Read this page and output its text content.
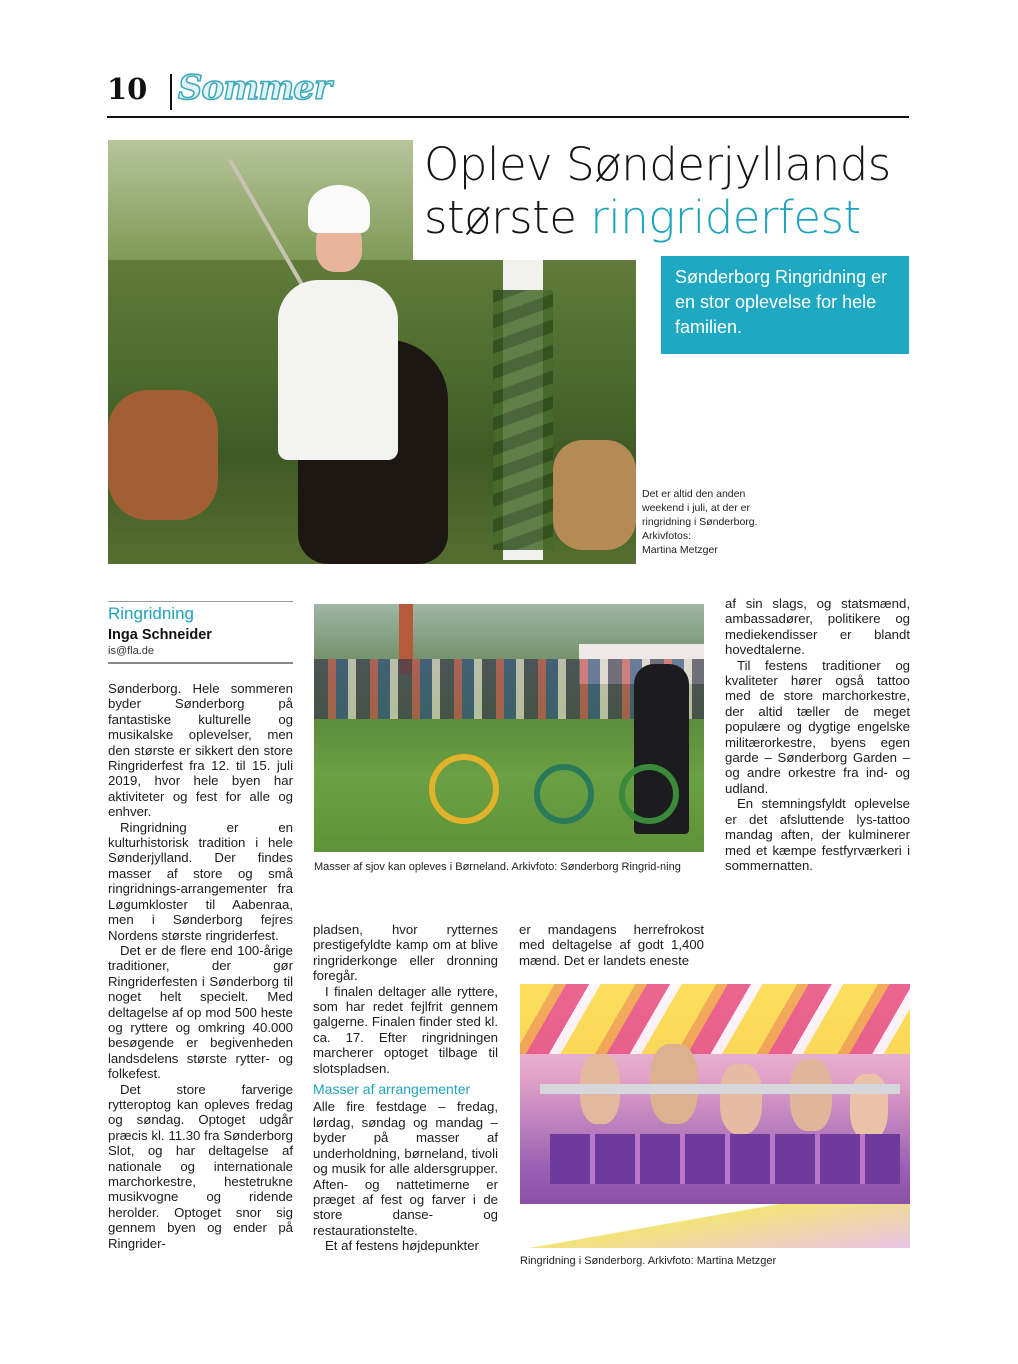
10 Sommer
Oplev Sønderjyllands
største ringriderfest
Sønderborg Ringridning er en stor oplevelse for hele familien.
Det er altid den anden
weekend i juli, at der er
ringridning i Sønderborg.
Arkivfotos:
Martina Metzger
Ringridning
Inga Schneider
is@fla.de

Sønderborg. Hele sommeren byder Sønderborg på fantastiske kulturelle og musikalske oplevelser, men den største er sikkert den store Ringriderfest fra 12. til 15. juli 2019, hvor hele byen har aktiviteter og fest for alle og enhver.

Ringridning er en kulturhistorisk tradition i hele Sønderjylland. Der findes masser af store og små ringridnings-arrangementer fra Løgumkloster til Aabenraa, men i Sønderborg fejres Nordens største ringriderfest.

Det er de flere end 100-årige traditioner, der gør Ringriderfesten i Sønderborg til noget helt specielt. Med deltagelse af op mod 500 heste og ryttere og omkring 40.000 besøgende er begivenheden landsdelens største rytter- og folkefest.

Det store farverige rytteroptog kan opleves fredag og søndag. Optoget udgår præcis kl. 11.30 fra Sønderborg Slot, og har deltagelse af nationale og internationale marchorkestre, hestetrukne musikvogne og ridende herolder. Optoget snor sig gennem byen og ender på Ringrider-

Masser af sjov kan opleves i Børneland. Arkivfoto: Sønderborg Ringrid-ning

pladsen, hvor rytternes prestigefyldte kamp om at blive ringriderkonge eller dronning foregår.

I finalen deltager alle ryttere, som har redet fejlfrit gennem galgerne. Finalen finder sted kl. ca. 17. Efter ringridningen marcherer optoget tilbage til slotspladsen.

Masser af arrangementer

Alle fire festdage – fredag, lørdag, søndag og mandag – byder på masser af underholdning, børneland, tivoli og musik for alle aldersgrupper. Aften- og nattetimerne er præget af fest og farver i de store danse- og restaurationstelte.

Et af festens højdepunkter

er mandagens herrefrokost med deltagelse af godt 1,400 mænd. Det er landets eneste

af sin slags, og statsmænd, ambassadører, politikere og mediekendisser er blandt hovedtalerne.

Til festens traditioner og kvaliteter hører også tattoo med de store marchorkestre, der altid tæller de meget populære og dygtige engelske militærorkestre, byens egen garde – Sønderborg Garden – og andre orkestre fra ind- og udland.

En stemningsfyldt oplevelse er det afsluttende lys-tattoo mandag aften, der kulminerer med et kæmpe festfyrværkeri i sommernatten.

Ringridning i Sønderborg. Arkivfoto: Martina Metzger
